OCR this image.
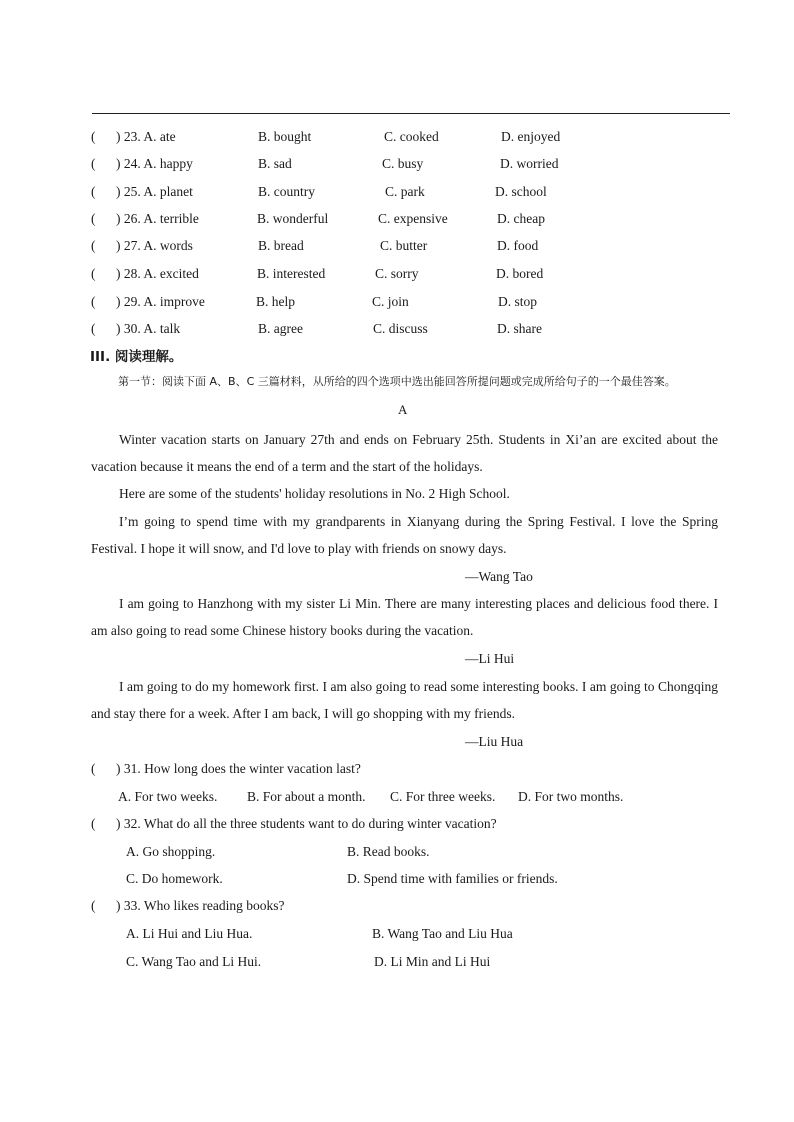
( ) 23. A. ate	B. bought	C. cooked	D. enjoyed
( ) 24. A. happy	B. sad	C. busy	D. worried
( ) 25. A. planet	B. country	C. park	D. school
( ) 26. A. terrible	B. wonderful	C. expensive	D. cheap
( ) 27. A. words	B. bread	C. butter	D. food
( ) 28. A. excited	B. interested	C. sorry	D. bored
( ) 29. A. improve	B. help	C. join	D. stop
( ) 30. A. talk	B. agree	C. discuss	D. share
III. 阅读理解。
第一节：阅读下面 A、B、C 三篇材料，从所给的四个选项中选出能回答所提问题或完成所给句子的一个最佳答案。
A
Winter vacation starts on January 27th and ends on February 25th. Students in Xi’an are excited about the vacation because it means the end of a term and the start of the holidays.
Here are some of the students' holiday resolutions in No. 2 High School.
I’m going to spend time with my grandparents in Xianyang during the Spring Festival. I love the Spring Festival. I hope it will snow, and I'd love to play with friends on snowy days.
—Wang Tao
I am going to Hanzhong with my sister Li Min. There are many interesting places and delicious food there. I am also going to read some Chinese history books during the vacation.
—Li Hui
I am going to do my homework first. I am also going to read some interesting books. I am going to Chongqing and stay there for a week. After I am back, I will go shopping with my friends.
—Liu Hua
( ) 31. How long does the winter vacation last?
A. For two weeks. B. For about a month. C. For three weeks. D. For two months.
( ) 32. What do all the three students want to do during winter vacation?
A. Go shopping.	B. Read books.
C. Do homework.	D. Spend time with families or friends.
( ) 33. Who likes reading books?
A. Li Hui and Liu Hua.	B. Wang Tao and Liu Hua
C. Wang Tao and Li Hui.	D. Li Min and Li Hui
